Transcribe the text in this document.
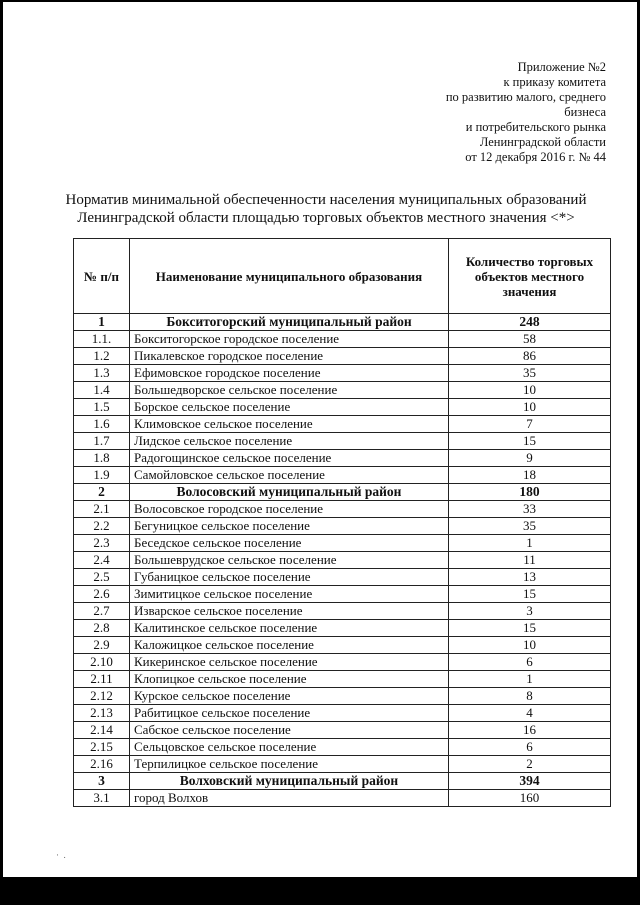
Приложение №2
к приказу комитета
по развитию малого, среднего
бизнеса
и потребительского рынка
Ленинградской области
от 12 декабря 2016 г. № 44
Норматив минимальной обеспеченности населения муниципальных образований
Ленинградской области площадью торговых объектов местного значения <*>
№ п/п	Наименование муниципального образования	Количество торговых объектов местного значения
1	Бокситогорский муниципальный район	248
1.1.	Бокситогорское городское поселение	58
1.2	Пикалевское городское поселение	86
1.3	Ефимовское городское поселение	35
1.4	Большедворское сельское поселение	10
1.5	Борское сельское поселение	10
1.6	Климовское сельское поселение	7
1.7	Лидское сельское поселение	15
1.8	Радогощинское сельское поселение	9
1.9	Самойловское сельское поселение	18
2	Волосовский муниципальный район	180
2.1	Волосовское городское поселение	33
2.2	Бегуницкое сельское поселение	35
2.3	Беседское сельское поселение	1
2.4	Большеврудское сельское поселение	11
2.5	Губаницкое сельское поселение	13
2.6	Зимитицкое сельское поселение	15
2.7	Изварское сельское поселение	3
2.8	Калитинское сельское поселение	15
2.9	Каложицкое сельское поселение	10
2.10	Кикеринское сельское поселение	6
2.11	Клопицкое сельское поселение	1
2.12	Курское сельское поселение	8
2.13	Рабитицкое сельское поселение	4
2.14	Сабское сельское поселение	16
2.15	Сельцовское сельское поселение	6
2.16	Терпилицкое сельское поселение	2
3	Волховский муниципальный район	394
3.1	город Волхов	160
·  .
